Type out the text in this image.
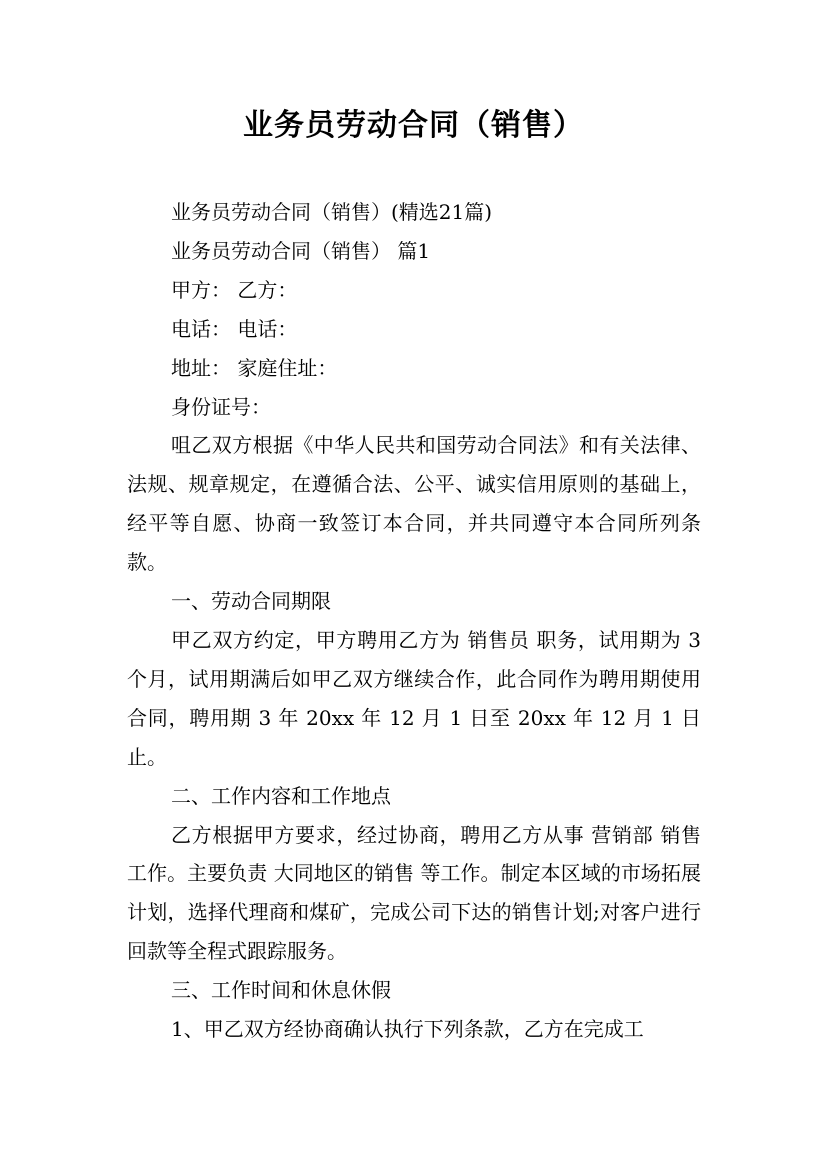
业务员劳动合同（销售）

业务员劳动合同（销售）(精选21篇)

业务员劳动合同（销售） 篇1

甲方： 乙方：

电话： 电话：

地址： 家庭住址：

身份证号：

咀乙双方根据《中华人民共和国劳动合同法》和有关法律、法规、规章规定，在遵循合法、公平、诚实信用原则的基础上，经平等自愿、协商一致签订本合同，并共同遵守本合同所列条款。

一、劳动合同期限

甲乙双方约定，甲方聘用乙方为 销售员 职务，试用期为 3 个月，试用期满后如甲乙双方继续合作，此合同作为聘用期使用合同，聘用期 3 年 20xx 年 12 月 1 日至 20xx 年 12 月 1 日止。

二、工作内容和工作地点

乙方根据甲方要求，经过协商，聘用乙方从事 营销部 销售工作。主要负责 大同地区的销售 等工作。制定本区域的市场拓展计划，选择代理商和煤矿，完成公司下达的销售计划;对客户进行回款等全程式跟踪服务。

三、工作时间和休息休假

1、甲乙双方经协商确认执行下列条款，乙方在完成工
